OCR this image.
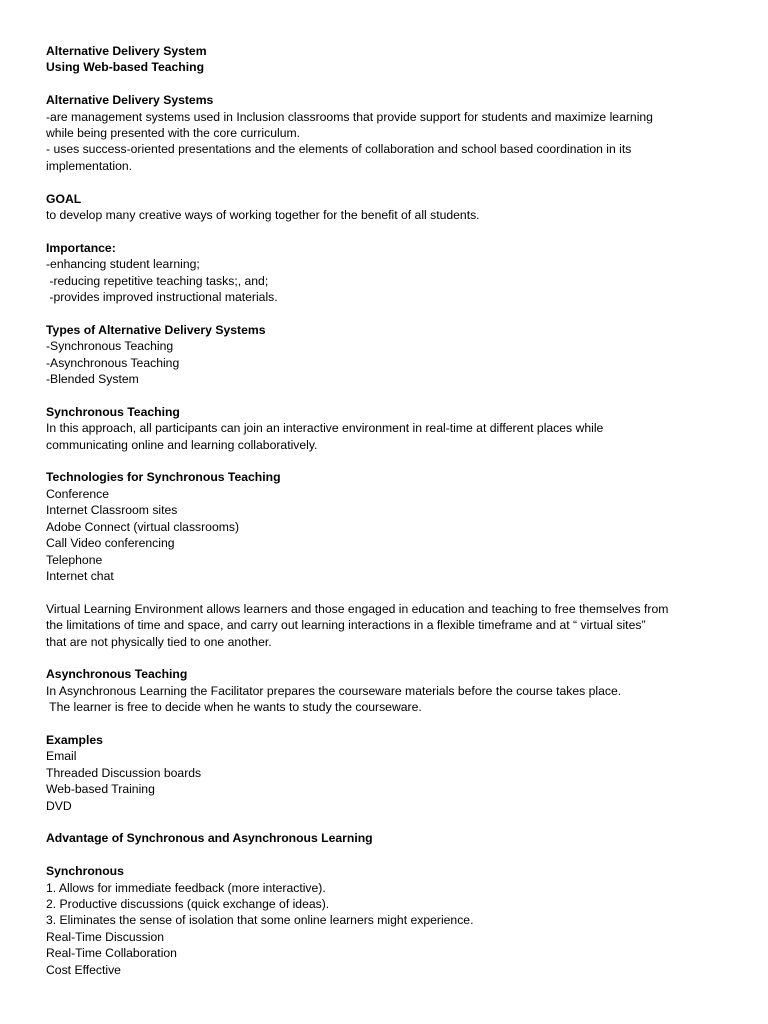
Alternative Delivery System
Using Web-based Teaching
Alternative Delivery Systems
-are management systems used in Inclusion classrooms that provide support for students and maximize learning
while being presented with the core curriculum.
- uses success-oriented presentations and the elements of collaboration and school based coordination in its
implementation.
GOAL
to develop many creative ways of working together for the benefit of all students.
Importance:
-enhancing student learning;
-reducing repetitive teaching tasks;, and;
-provides improved instructional materials.
Types of Alternative Delivery Systems
-Synchronous Teaching
-Asynchronous Teaching
-Blended System
Synchronous Teaching
In this approach, all participants can join an interactive environment in real-time at different places while
communicating online and learning collaboratively.
Technologies for Synchronous Teaching
Conference
Internet Classroom sites
Adobe Connect (virtual classrooms)
Call Video conferencing
Telephone
Internet chat
Virtual Learning Environment allows learners and those engaged in education and teaching to free themselves from
the limitations of time and space, and carry out learning interactions in a flexible timeframe and at “ virtual sites”
that are not physically tied to one another.
Asynchronous Teaching
In Asynchronous Learning the Facilitator prepares the courseware materials before the course takes place.
The learner is free to decide when he wants to study the courseware.
Examples
Email
Threaded Discussion boards
Web-based Training
DVD
Advantage of Synchronous and Asynchronous Learning
Synchronous
1. Allows for immediate feedback (more interactive).
2. Productive discussions (quick exchange of ideas).
3. Eliminates the sense of isolation that some online learners might experience.
Real-Time Discussion
Real-Time Collaboration
Cost Effective
